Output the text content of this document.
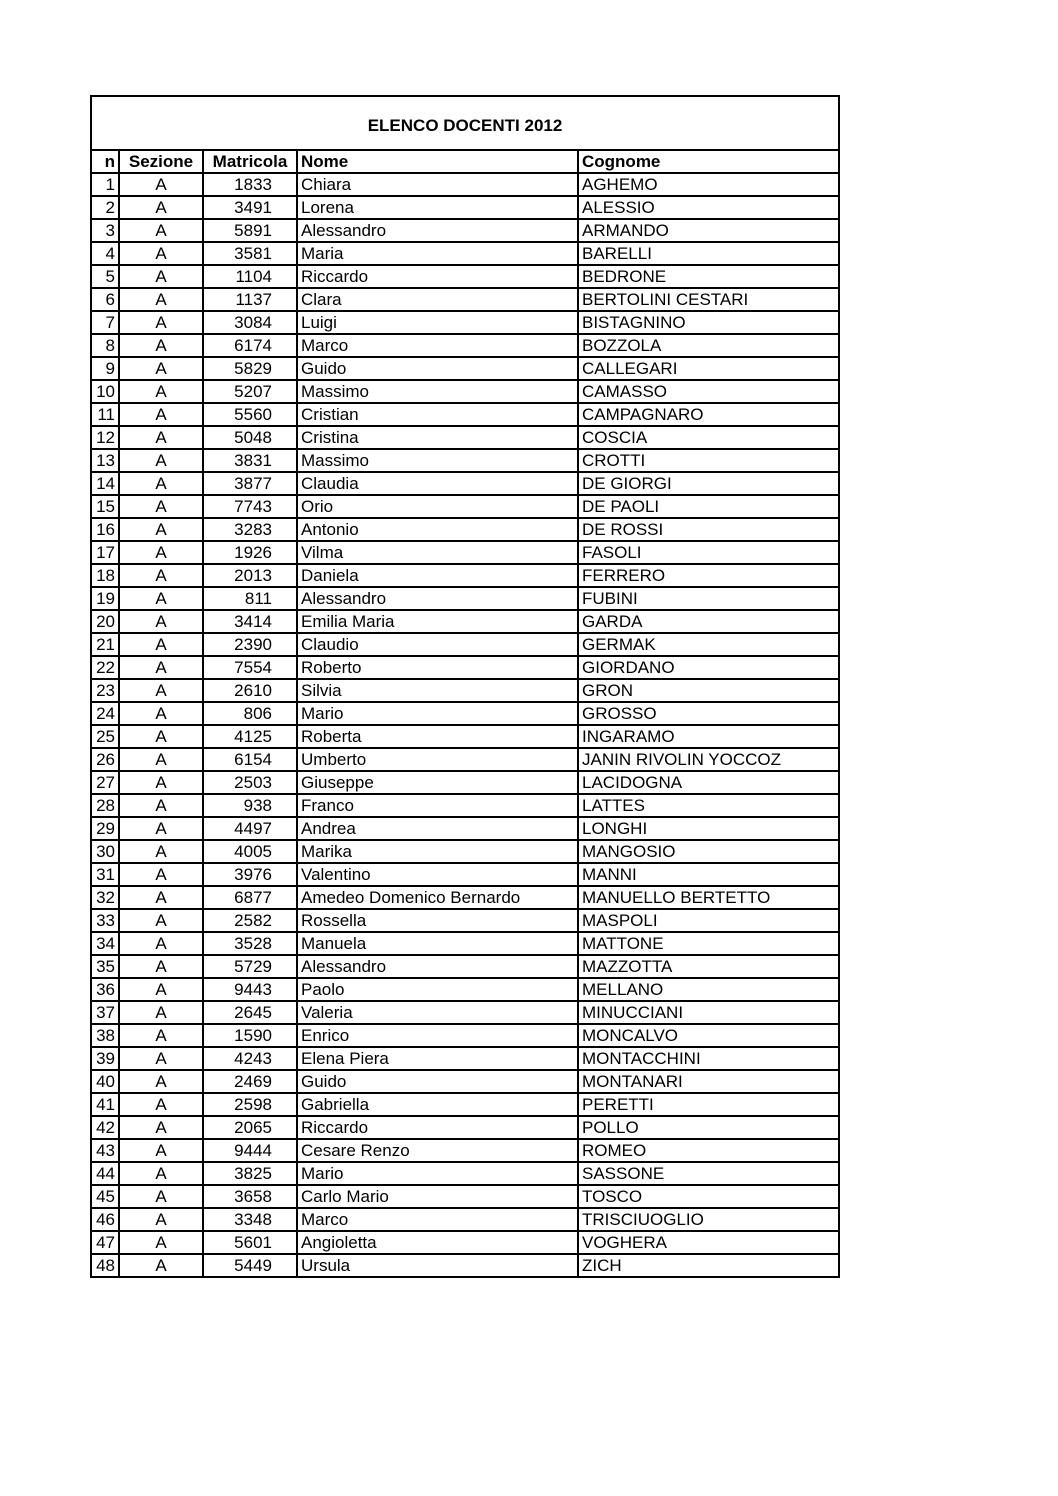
ELENCO DOCENTI 2012				
n	Sezione	Matricola	Nome	Cognome
1	A	1833	Chiara	AGHEMO
2	A	3491	Lorena	ALESSIO
3	A	5891	Alessandro	ARMANDO
4	A	3581	Maria	BARELLI
5	A	1104	Riccardo	BEDRONE
6	A	1137	Clara	BERTOLINI CESTARI
7	A	3084	Luigi	BISTAGNINO
8	A	6174	Marco	BOZZOLA
9	A	5829	Guido	CALLEGARI
10	A	5207	Massimo	CAMASSO
11	A	5560	Cristian	CAMPAGNARO
12	A	5048	Cristina	COSCIA
13	A	3831	Massimo	CROTTI
14	A	3877	Claudia	DE GIORGI
15	A	7743	Orio	DE PAOLI
16	A	3283	Antonio	DE ROSSI
17	A	1926	Vilma	FASOLI
18	A	2013	Daniela	FERRERO
19	A	811	Alessandro	FUBINI
20	A	3414	Emilia Maria	GARDA
21	A	2390	Claudio	GERMAK
22	A	7554	Roberto	GIORDANO
23	A	2610	Silvia	GRON
24	A	806	Mario	GROSSO
25	A	4125	Roberta	INGARAMO
26	A	6154	Umberto	JANIN RIVOLIN YOCCOZ
27	A	2503	Giuseppe	LACIDOGNA
28	A	938	Franco	LATTES
29	A	4497	Andrea	LONGHI
30	A	4005	Marika	MANGOSIO
31	A	3976	Valentino	MANNI
32	A	6877	Amedeo Domenico Bernardo	MANUELLO BERTETTO
33	A	2582	Rossella	MASPOLI
34	A	3528	Manuela	MATTONE
35	A	5729	Alessandro	MAZZOTTA
36	A	9443	Paolo	MELLANO
37	A	2645	Valeria	MINUCCIANI
38	A	1590	Enrico	MONCALVO
39	A	4243	Elena Piera	MONTACCHINI
40	A	2469	Guido	MONTANARI
41	A	2598	Gabriella	PERETTI
42	A	2065	Riccardo	POLLO
43	A	9444	Cesare Renzo	ROMEO
44	A	3825	Mario	SASSONE
45	A	3658	Carlo Mario	TOSCO
46	A	3348	Marco	TRISCIUOGLIO
47	A	5601	Angioletta	VOGHERA
48	A	5449	Ursula	ZICH
